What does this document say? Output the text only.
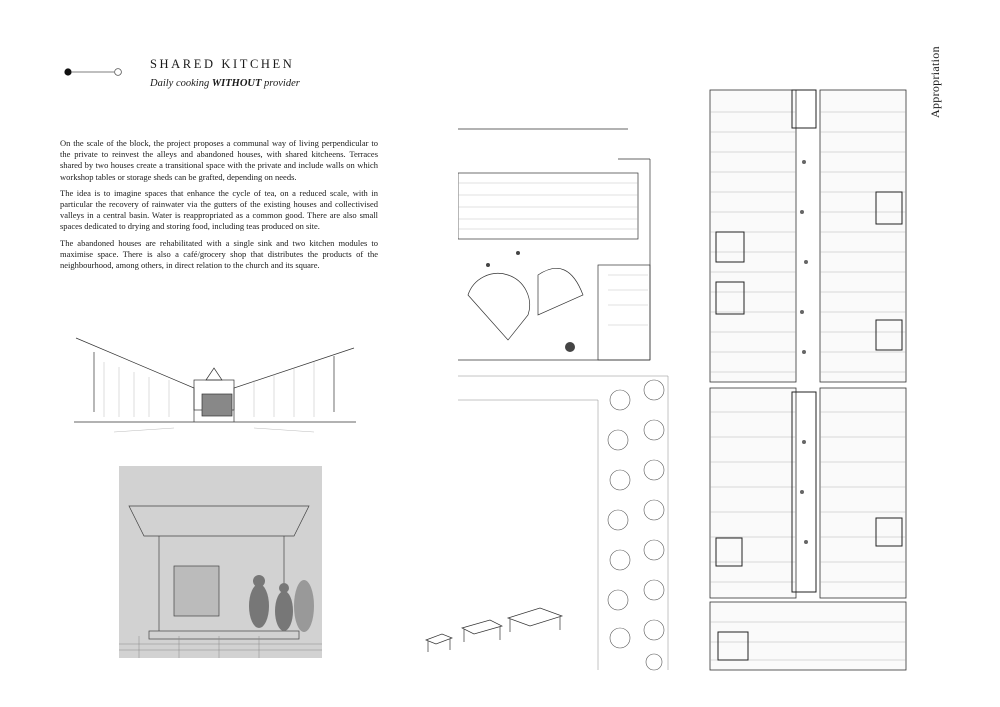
SHARED KITCHEN
Daily cooking WITHOUT provider	Appropriation

On the scale of the block, the project proposes a communal way of living perpendicular to the private to reinvest the alleys and abandoned houses, with shared kitcheens. Terraces shared by two houses create a transitional space with the private and include walls on which workshop tables or storage sheds can be grafted, depending on needs.

The idea is to imagine spaces that enhance the cycle of tea, on a reduced scale, with in particular the recovery of rainwater via the gutters of the existing houses and collectivised valleys in a central basin. Water is reappropriated as a common good. There are also small spaces dedicated to drying and storing food, including teas produced on site.

The abandoned houses are rehabilitated with a single sink and two kitchen modules to maximise space. There is also a café/grocery shop that distributes the products of the neighbourhood, among others, in direct relation to the church and its square.
